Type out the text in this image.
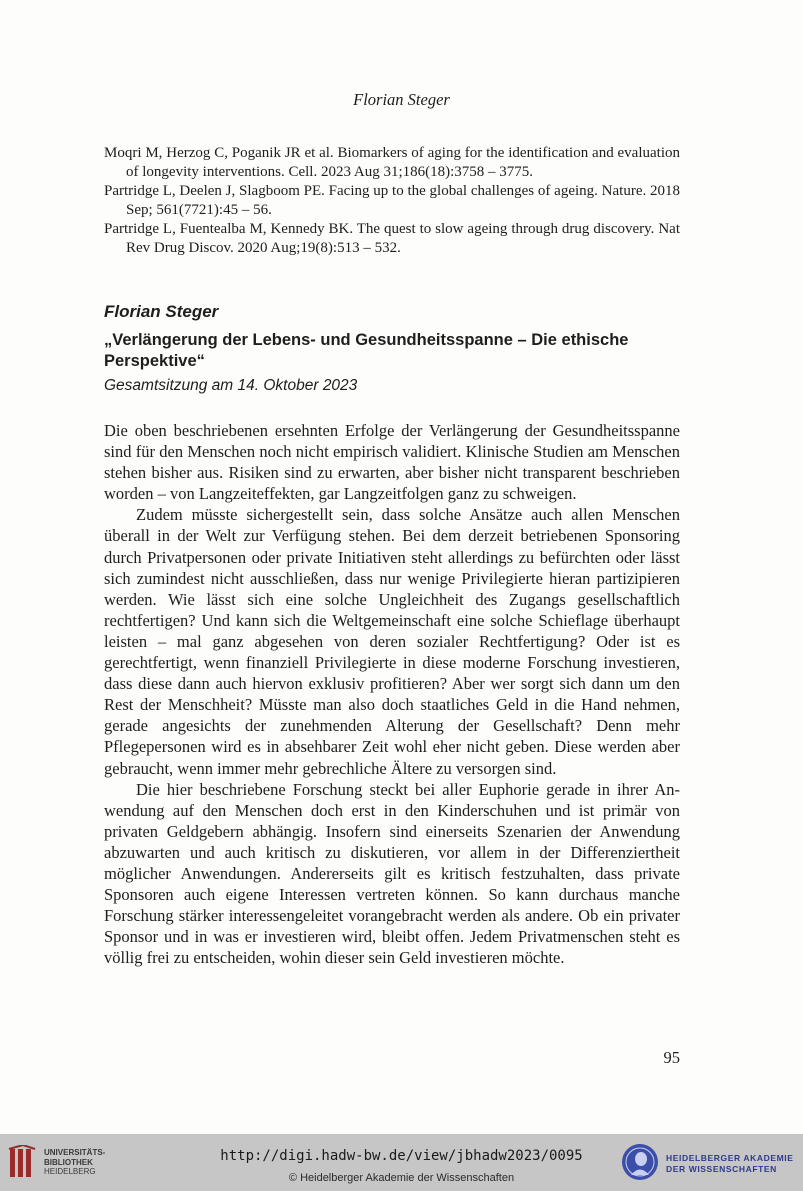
Florian Steger

Moqri M, Herzog C, Poganik JR et al. Biomarkers of aging for the identification and evaluation of longevity interventions. Cell. 2023 Aug 31;186(18):3758 – 3775.

Partridge L, Deelen J, Slagboom PE. Facing up to the global challenges of ageing. Nature. 2018 Sep; 561(7721):45 – 56.

Partridge L, Fuentealba M, Kennedy BK. The quest to slow ageing through drug discovery. Nat Rev Drug Discov. 2020 Aug;19(8):513 – 532.

Florian Steger
„Verlängerung der Lebens- und Gesundheitsspanne – Die ethische Perspektive“
Gesamtsitzung am 14. Oktober 2023

Die oben beschriebenen ersehnten Erfolge der Verlängerung der Gesundheitsspanne sind für den Menschen noch nicht empirisch validiert. Klinische Studien am Menschen stehen bisher aus. Risiken sind zu erwarten, aber bisher nicht transparent beschrieben worden – von Langzeiteffekten, gar Langzeitfolgen ganz zu schweigen.

Zudem müsste sichergestellt sein, dass solche Ansätze auch allen Menschen überall in der Welt zur Verfügung stehen. Bei dem derzeit betriebenen Sponsoring durch Privatpersonen oder private Initiativen steht allerdings zu befürchten oder lässt sich zumindest nicht ausschließen, dass nur wenige Privilegierte hieran partizipieren werden. Wie lässt sich eine solche Ungleichheit des Zugangs gesellschaftlich rechtfertigen? Und kann sich die Weltgemeinschaft eine solche Schieflage überhaupt leisten – mal ganz abgesehen von deren sozialer Rechtfertigung? Oder ist es gerechtfertigt, wenn finanziell Privilegierte in diese moderne Forschung investieren, dass diese dann auch hiervon exklusiv profitieren? Aber wer sorgt sich dann um den Rest der Menschheit? Müsste man also doch staatliches Geld in die Hand nehmen, gerade angesichts der zunehmenden Alterung der Gesellschaft? Denn mehr Pflegepersonen wird es in absehbarer Zeit wohl eher nicht geben. Diese werden aber gebraucht, wenn immer mehr gebrechliche Ältere zu versorgen sind.

Die hier beschriebene Forschung steckt bei aller Euphorie gerade in ihrer Anwendung auf den Menschen doch erst in den Kinderschuhen und ist primär von privaten Geldgebern abhängig. Insofern sind einerseits Szenarien der Anwendung abzuwarten und auch kritisch zu diskutieren, vor allem in der Differenziertheit möglicher Anwendungen. Andererseits gilt es kritisch festzuhalten, dass private Sponsoren auch eigene Interessen vertreten können. So kann durchaus manche Forschung stärker interessengeleitet vorangebracht werden als andere. Ob ein privater Sponsor und in was er investieren wird, bleibt offen. Jedem Privatmenschen steht es völlig frei zu entscheiden, wohin dieser sein Geld investieren möchte.

95
UNIVERSITÄTS-
BIBLIOTHEK
HEIDELBERG
http://digi.hadw-bw.de/view/jbhadw2023/0095
© Heidelberger Akademie der Wissenschaften
HEIDELBERGER AKADEMIE
DER WISSENSCHAFTEN
